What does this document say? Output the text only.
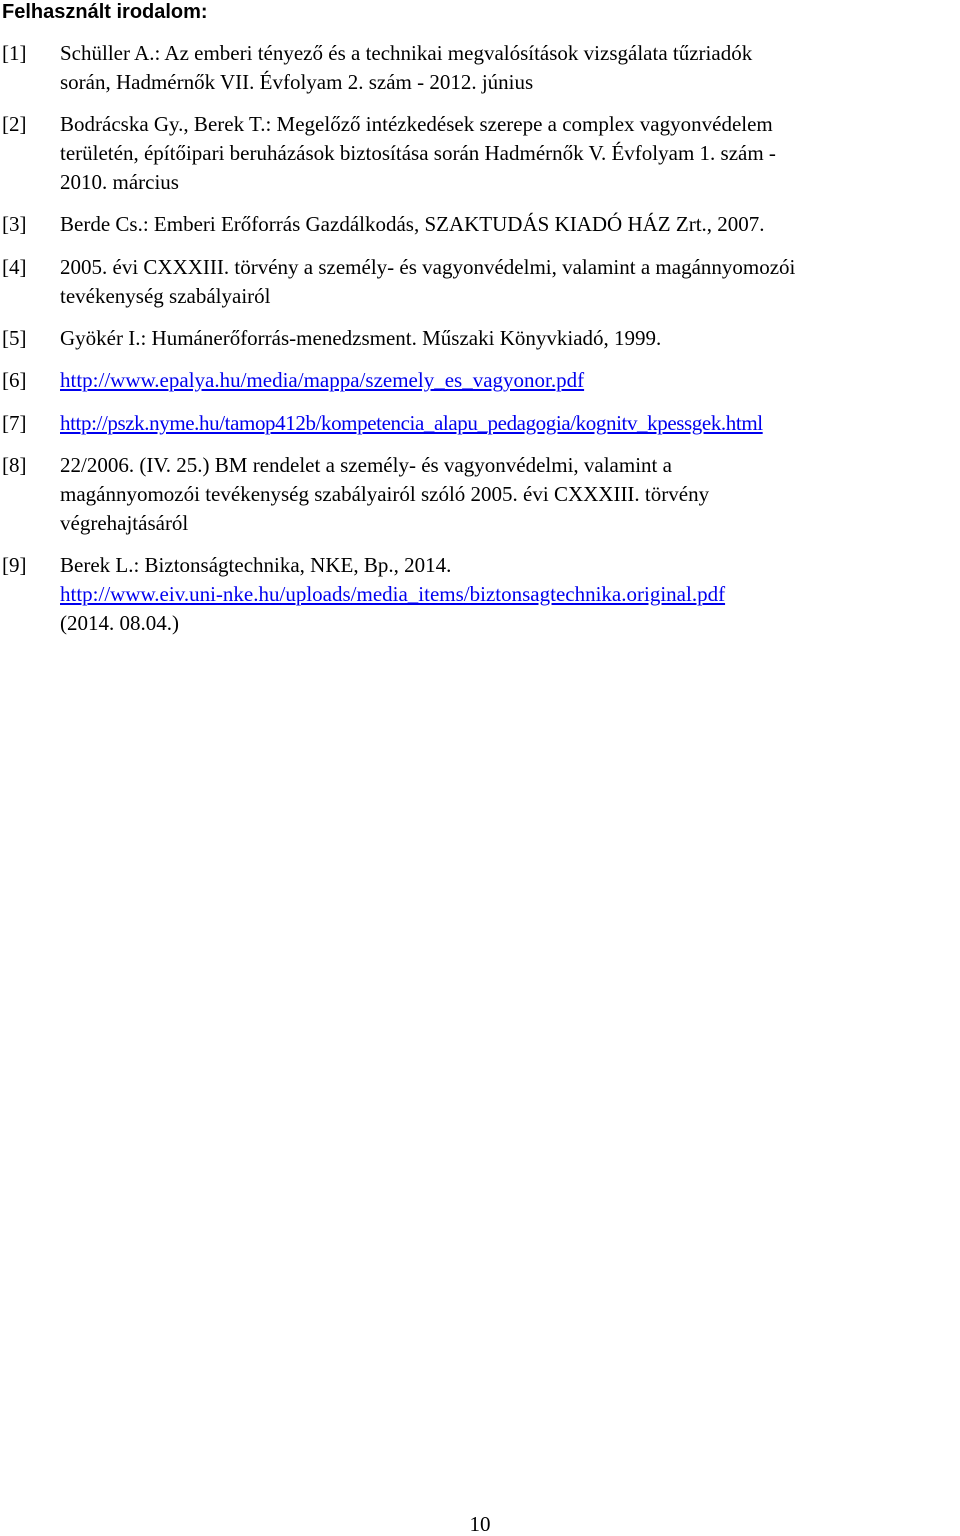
Felhasznált irodalom:
[1] Schüller A.: Az emberi tényező és a technikai megvalósítások vizsgálata tűzriadók
során, Hadmérnők VII. Évfolyam 2. szám - 2012. június
[2] Bodrácska Gy., Berek T.: Megelőző intézkedések szerepe a complex vagyonvédelem
területén, építőipari beruházások biztosítása során Hadmérnők V. Évfolyam 1. szám -
2010. március
[3] Berde Cs.: Emberi Erőforrás Gazdálkodás, SZAKTUDÁS KIADÓ HÁZ Zrt., 2007.
[4] 2005. évi CXXXIII. törvény a személy- és vagyonvédelmi, valamint a magánnyomozói
tevékenység szabályairól
[5] Gyökér I.: Humánerőforrás-menedzsment. Műszaki Könyvkiadó, 1999.
[6] http://www.epalya.hu/media/mappa/szemely_es_vagyonor.pdf
[7] http://pszk.nyme.hu/tamop412b/kompetencia_alapu_pedagogia/kognitv_kpessgek.html
[8] 22/2006. (IV. 25.) BM rendelet a személy- és vagyonvédelmi, valamint a
magánnyomozói tevékenység szabályairól szóló 2005. évi CXXXIII. törvény
végrehajtásáról
[9] Berek L.: Biztonságtechnika, NKE, Bp., 2014.
http://www.eiv.uni-nke.hu/uploads/media_items/biztonsagtechnika.original.pdf
(2014. 08.04.)
10
